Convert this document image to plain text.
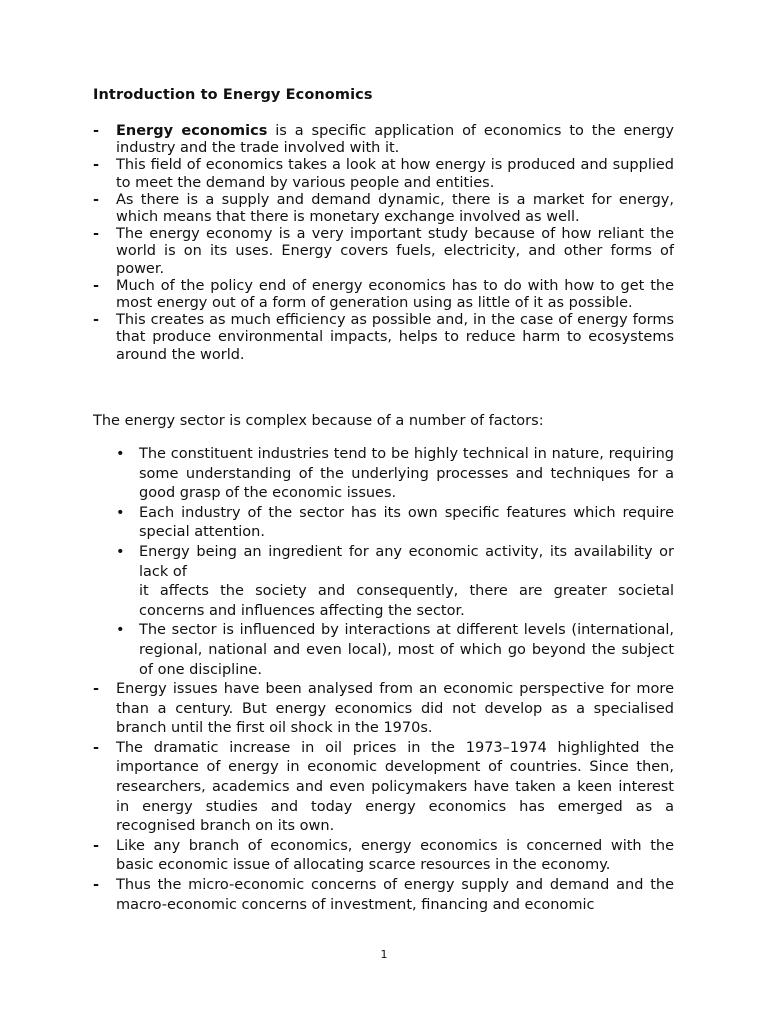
Introduction to Energy Economics
- Energy economics is a specific application of economics to the energy industry and the trade involved with it.
- This field of economics takes a look at how energy is produced and supplied to meet the demand by various people and entities.
- As there is a supply and demand dynamic, there is a market for energy, which means that there is monetary exchange involved as well.
- The energy economy is a very important study because of how reliant the world is on its uses. Energy covers fuels, electricity, and other forms of power.
- Much of the policy end of energy economics has to do with how to get the most energy out of a form of generation using as little of it as possible.
- This creates as much efficiency as possible and, in the case of energy forms that produce environmental impacts, helps to reduce harm to ecosystems around the world.
The energy sector is complex because of a number of factors:
• The constituent industries tend to be highly technical in nature, requiring some understanding of the underlying processes and techniques for a good grasp of the economic issues.
• Each industry of the sector has its own specific features which require special attention.
• Energy being an ingredient for any economic activity, its availability or lack of
it affects the society and consequently, there are greater societal concerns and influences affecting the sector.
• The sector is influenced by interactions at different levels (international, regional, national and even local), most of which go beyond the subject of one discipline.
- Energy issues have been analysed from an economic perspective for more than a century. But energy economics did not develop as a specialised branch until the first oil shock in the 1970s.
- The dramatic increase in oil prices in the 1973–1974 highlighted the importance of energy in economic development of countries. Since then, researchers, academics and even policymakers have taken a keen interest in energy studies and today energy economics has emerged as a recognised branch on its own.
- Like any branch of economics, energy economics is concerned with the basic economic issue of allocating scarce resources in the economy.
- Thus the micro-economic concerns of energy supply and demand and the macro-economic concerns of investment, financing and economic
1
